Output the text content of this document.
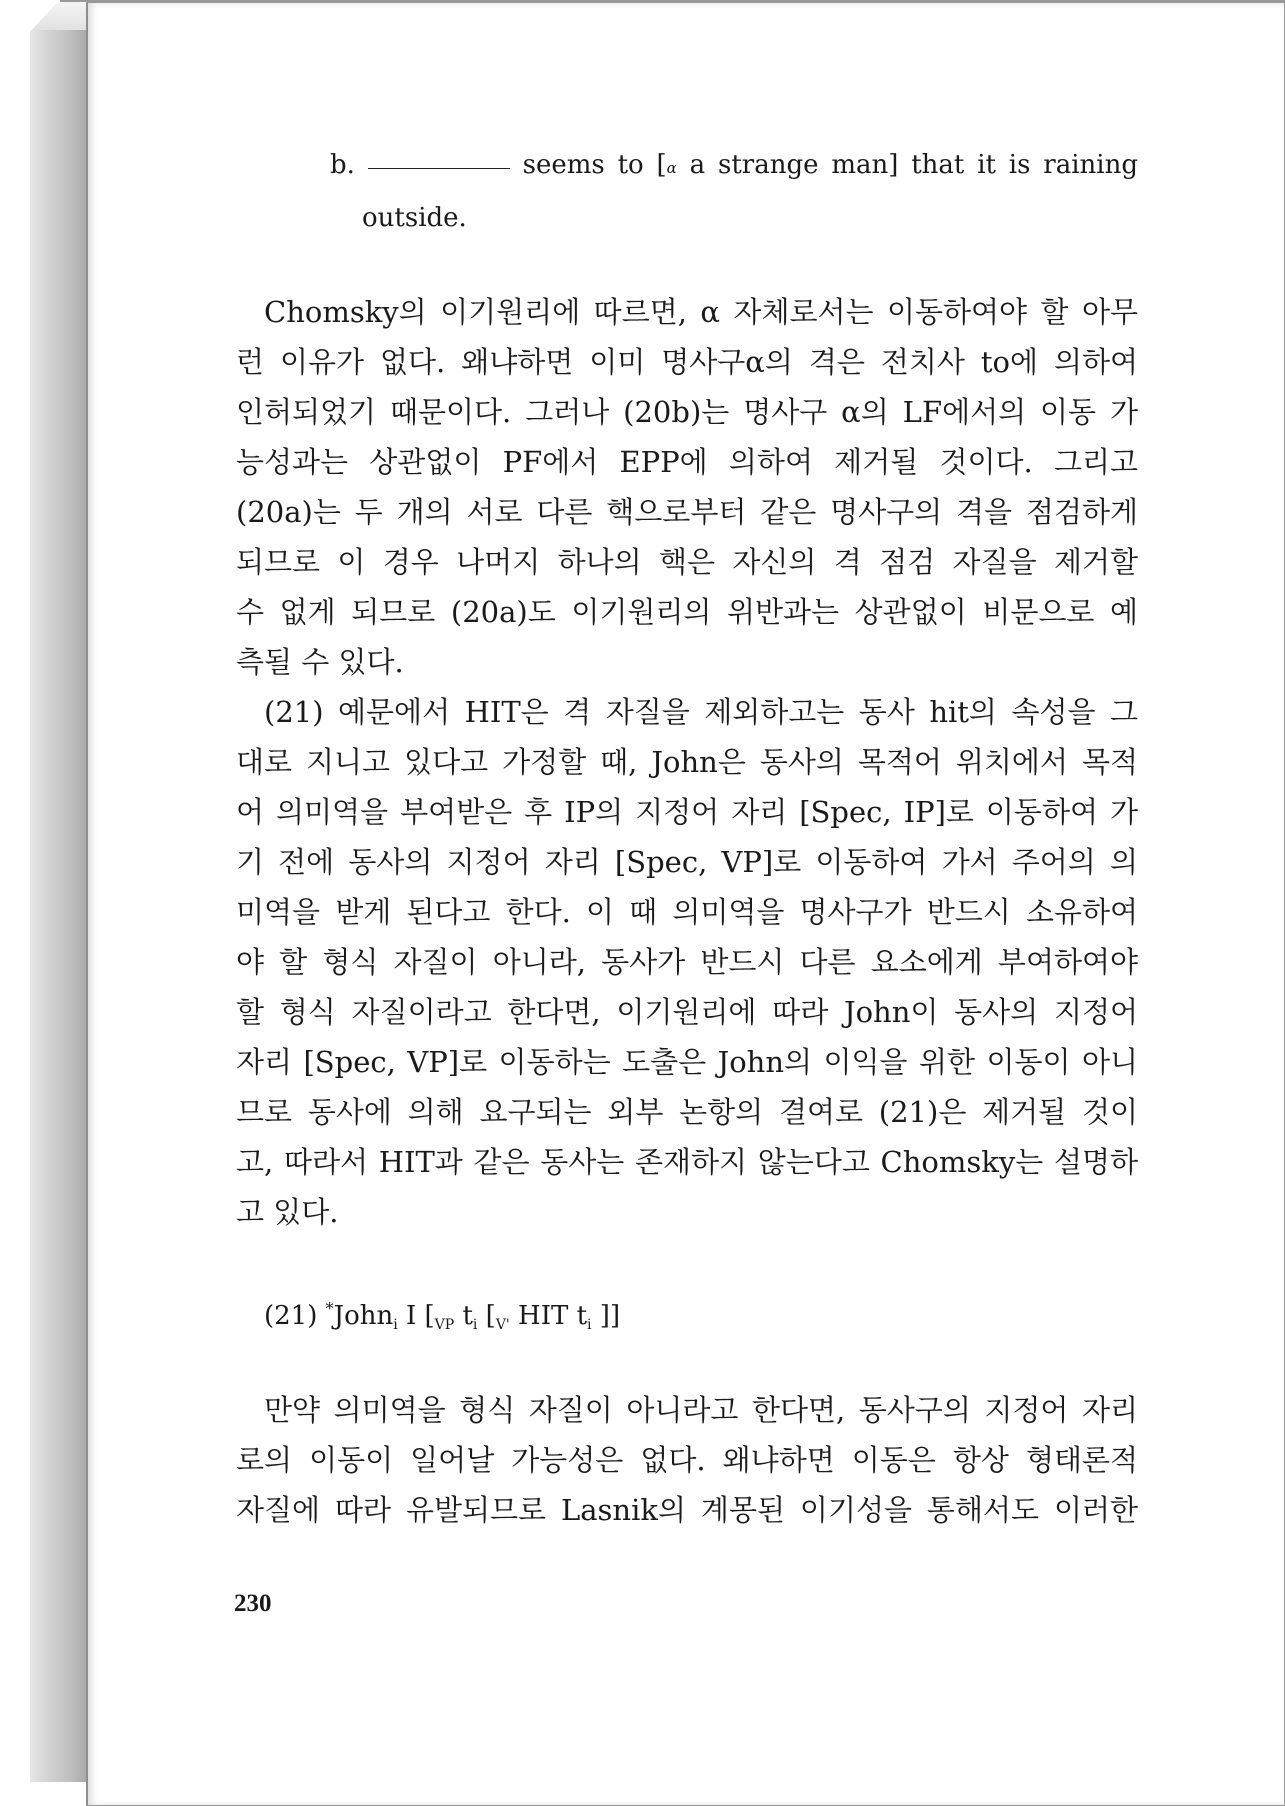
b.	seems to [α a strange man] that it is raining
outside.
Chomsky의 이기원리에 따르면, α 자체로서는 이동하여야 할 아무
런 이유가 없다. 왜냐하면 이미 명사구α의 격은 전치사 to에 의하여
인허되었기 때문이다. 그러나 (20b)는 명사구 α의 LF에서의 이동 가
능성과는 상관없이 PF에서 EPP에 의하여 제거될 것이다. 그리고
(20a)는 두 개의 서로 다른 핵으로부터 같은 명사구의 격을 점검하게
되므로 이 경우 나머지 하나의 핵은 자신의 격 점검 자질을 제거할
수 없게 되므로 (20a)도 이기원리의 위반과는 상관없이 비문으로 예
측될 수 있다.
(21) 예문에서 HIT은 격 자질을 제외하고는 동사 hit의 속성을 그
대로 지니고 있다고 가정할 때, John은 동사의 목적어 위치에서 목적
어 의미역을 부여받은 후 IP의 지정어 자리 [Spec, IP]로 이동하여 가
기 전에 동사의 지정어 자리 [Spec, VP]로 이동하여 가서 주어의 의
미역을 받게 된다고 한다. 이 때 의미역을 명사구가 반드시 소유하여
야 할 형식 자질이 아니라, 동사가 반드시 다른 요소에게 부여하여야
할 형식 자질이라고 한다면, 이기원리에 따라 John이 동사의 지정어
자리 [Spec, VP]로 이동하는 도출은 John의 이익을 위한 이동이 아니
므로 동사에 의해 요구되는 외부 논항의 결여로 (21)은 제거될 것이
고, 따라서 HIT과 같은 동사는 존재하지 않는다고 Chomsky는 설명하
고 있다.
(21) *John$_i$ I [$_{VP}$ $t_i$ [$_{V'}$ HIT $t_i$ ]]
만약 의미역을 형식 자질이 아니라고 한다면, 동사구의 지정어 자리
로의 이동이 일어날 가능성은 없다. 왜냐하면 이동은 항상 형태론적
자질에 따라 유발되므로 Lasnik의 계몽된 이기성을 통해서도 이러한
230
